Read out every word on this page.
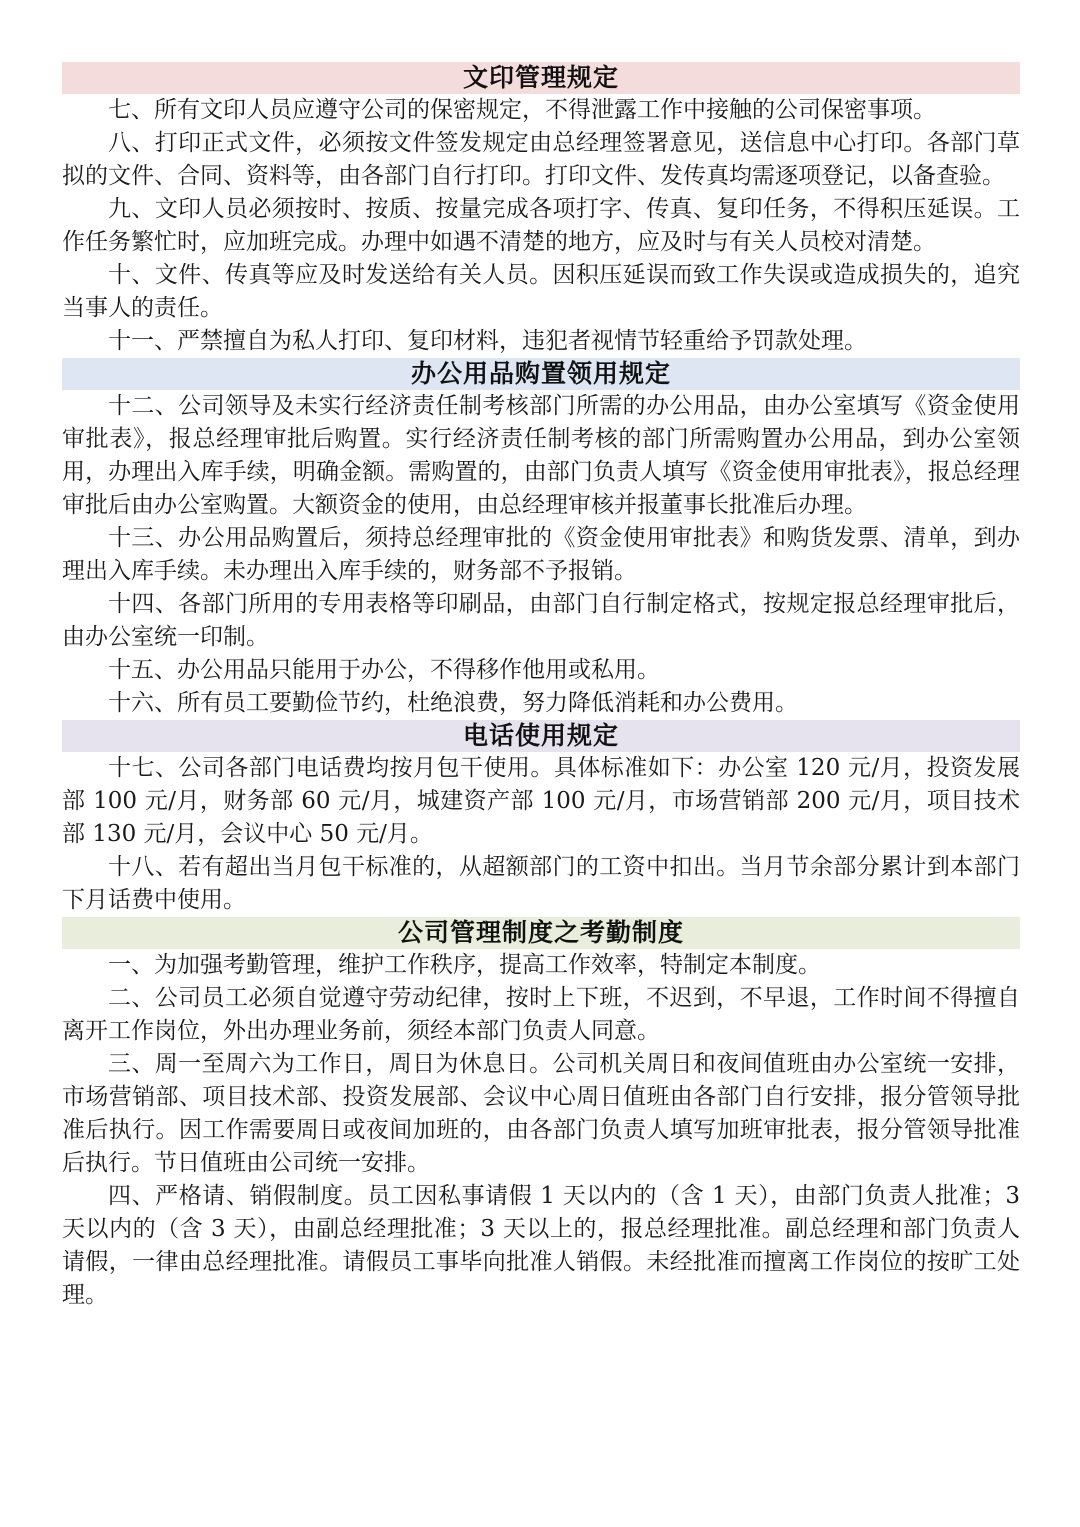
文印管理规定

七、所有文印人员应遵守公司的保密规定，不得泄露工作中接触的公司保密事项。

八、打印正式文件，必须按文件签发规定由总经理签署意见，送信息中心打印。各部门草拟的文件、合同、资料等，由各部门自行打印。打印文件、发传真均需逐项登记，以备查验。

九、文印人员必须按时、按质、按量完成各项打字、传真、复印任务，不得积压延误。工作任务繁忙时，应加班完成。办理中如遇不清楚的地方，应及时与有关人员校对清楚。

十、文件、传真等应及时发送给有关人员。因积压延误而致工作失误或造成损失的，追究当事人的责任。

十一、严禁擅自为私人打印、复印材料，违犯者视情节轻重给予罚款处理。

办公用品购置领用规定

十二、公司领导及未实行经济责任制考核部门所需的办公用品，由办公室填写《资金使用审批表》，报总经理审批后购置。实行经济责任制考核的部门所需购置办公用品，到办公室领用，办理出入库手续，明确金额。需购置的，由部门负责人填写《资金使用审批表》，报总经理审批后由办公室购置。大额资金的使用，由总经理审核并报董事长批准后办理。

十三、办公用品购置后，须持总经理审批的《资金使用审批表》和购货发票、清单，到办理出入库手续。未办理出入库手续的，财务部不予报销。

十四、各部门所用的专用表格等印刷品，由部门自行制定格式，按规定报总经理审批后，由办公室统一印制。

十五、办公用品只能用于办公，不得移作他用或私用。

十六、所有员工要勤俭节约，杜绝浪费，努力降低消耗和办公费用。

电话使用规定

十七、公司各部门电话费均按月包干使用。具体标准如下：办公室 120 元/月，投资发展部 100 元/月，财务部 60 元/月，城建资产部 100 元/月，市场营销部 200 元/月，项目技术部 130 元/月，会议中心 50 元/月。

十八、若有超出当月包干标准的，从超额部门的工资中扣出。当月节余部分累计到本部门下月话费中使用。

公司管理制度之考勤制度

一、为加强考勤管理，维护工作秩序，提高工作效率，特制定本制度。

二、公司员工必须自觉遵守劳动纪律，按时上下班，不迟到，不早退，工作时间不得擅自离开工作岗位，外出办理业务前，须经本部门负责人同意。

三、周一至周六为工作日，周日为休息日。公司机关周日和夜间值班由办公室统一安排，市场营销部、项目技术部、投资发展部、会议中心周日值班由各部门自行安排，报分管领导批准后执行。因工作需要周日或夜间加班的，由各部门负责人填写加班审批表，报分管领导批准后执行。节日值班由公司统一安排。

四、严格请、销假制度。员工因私事请假 1 天以内的（含 1 天），由部门负责人批准；3 天以内的（含 3 天），由副总经理批准；3 天以上的，报总经理批准。副总经理和部门负责人请假，一律由总经理批准。请假员工事毕向批准人销假。未经批准而擅离工作岗位的按旷工处理。
